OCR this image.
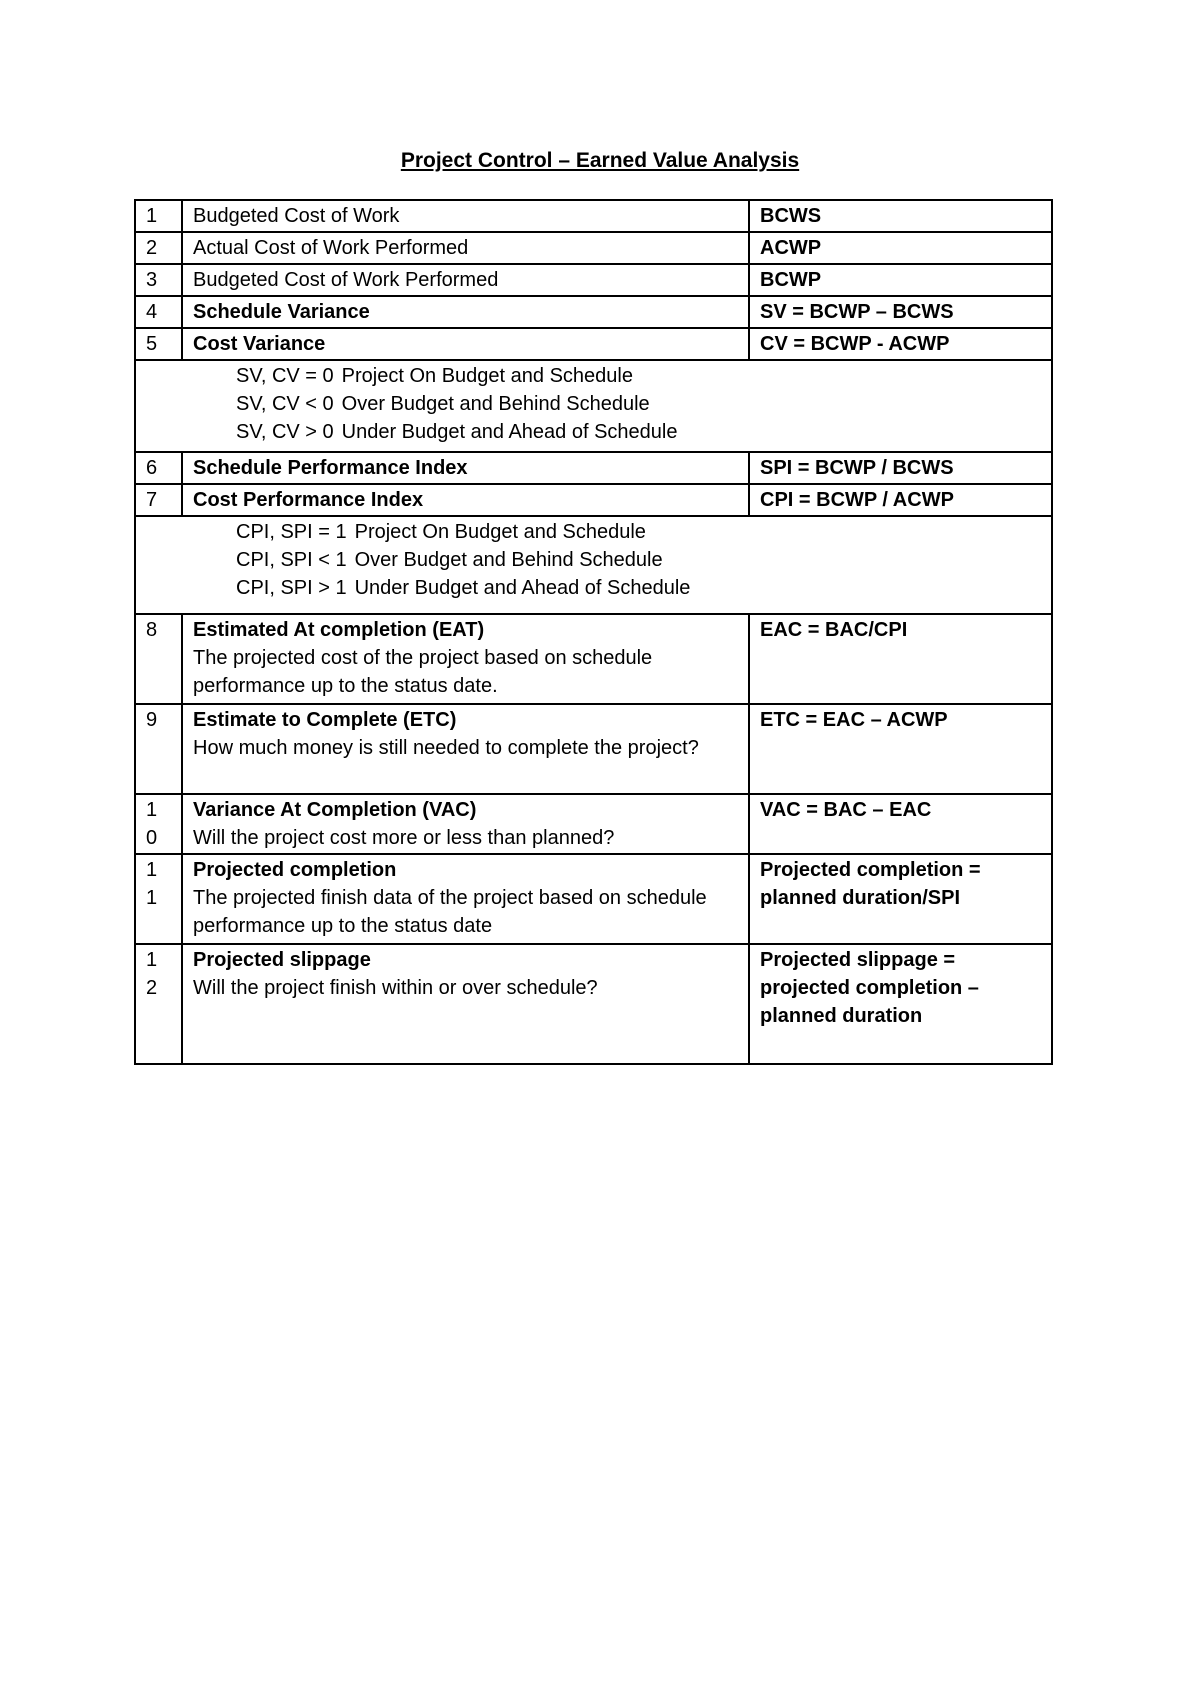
Project Control – Earned Value Analysis
1	Budgeted Cost of Work	BCWS

2	Actual Cost of Work Performed	ACWP

3	Budgeted Cost of Work Performed	BCWP

4	Schedule Variance	SV = BCWP – BCWS

5	Cost Variance	CV = BCWP - ACWP

SV, CV = 0 Project On Budget and Schedule
SV, CV < 0 Over Budget and Behind Schedule
SV, CV > 0 Under Budget and Ahead of Schedule		

6	Schedule Performance Index	SPI = BCWP / BCWS

7	Cost Performance Index	CPI = BCWP / ACWP

CPI, SPI = 1 Project On Budget and Schedule
CPI, SPI < 1 Over Budget and Behind Schedule
CPI, SPI > 1 Under Budget and Ahead of Schedule		

8	Estimated At completion (EAT)
The projected cost of the project based on schedule performance up to the status date.	EAC = BAC/CPI

9	Estimate to Complete (ETC)
How much money is still needed to complete the project?	ETC = EAC – ACWP

1
0	Variance At Completion (VAC)
Will the project cost more or less than planned?	VAC = BAC – EAC

1
1	Projected completion
The projected finish data of the project based on schedule performance up to the status date	Projected completion =
planned duration/SPI

1
2	Projected slippage
Will the project finish within or over schedule?	Projected slippage =
projected completion –
planned duration
